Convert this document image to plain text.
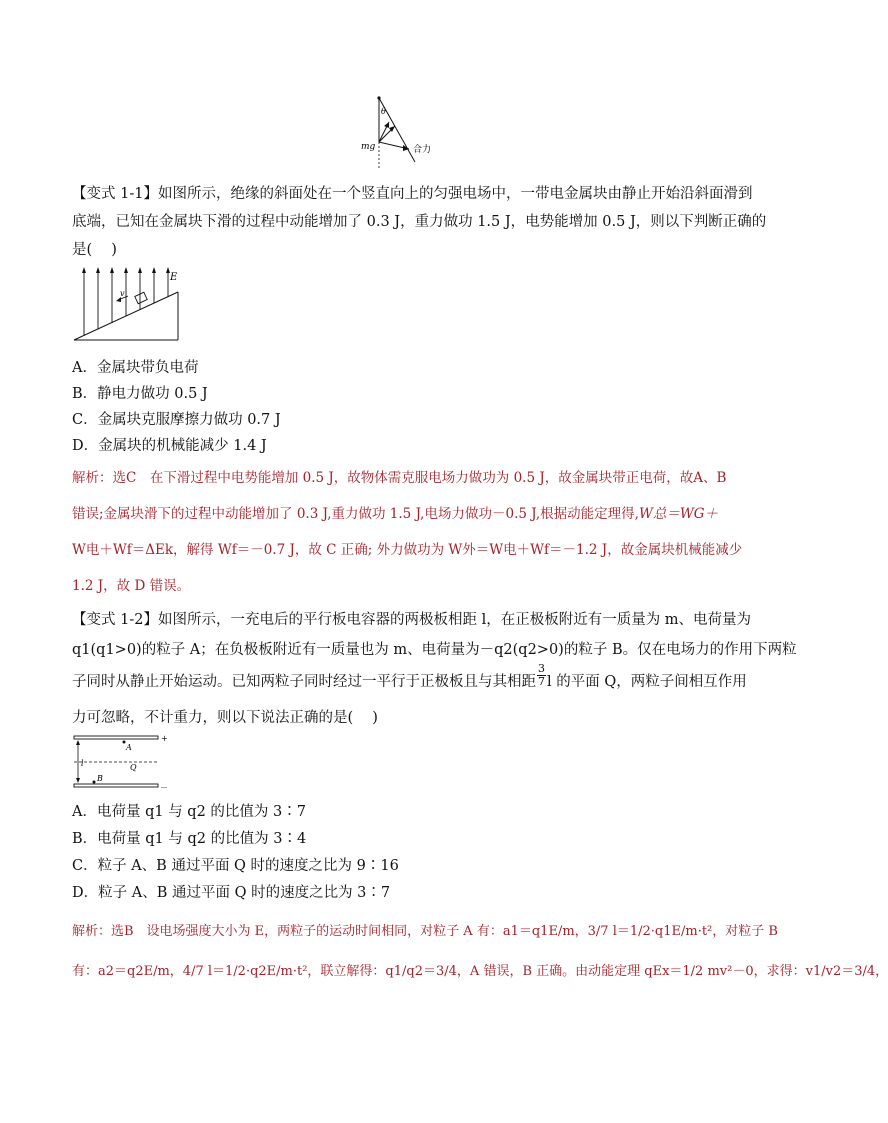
θ
mg	合力
【变式 1-1】如图所示，绝缘的斜面处在一个竖直向上的匀强电场中，一带电金属块由静止开始沿斜面滑到
底端，已知在金属块下滑的过程中动能增加了 0.3 J，重力做功 1.5 J，电势能增加 0.5 J，则以下判断正确的
是(　 )
v
E
A．金属块带负电荷
B．静电力做功 0.5 J
C．金属块克服摩擦力做功 0.7 J
D．金属块的机械能减少 1.4 J
解析：选C　在下滑过程中电势能增加 0.5 J，故物体需克服电场力做功为 0.5 J，故金属块带正电荷，故A、B
错误;金属块滑下的过程中动能增加了 0.3 J,重力做功 1.5 J,电场力做功－0.5 J,根据动能定理得,W总＝WG＋
W电＋Wf＝ΔEk，解得 Wf＝－0.7 J，故 C 正确; 外力做功为 W外＝W电＋Wf＝－1.2 J，故金属块机械能减少
1.2 J，故 D 错误。
【变式 1-2】如图所示，一充电后的平行板电容器的两极板相距 l，在正极板附近有一质量为 m、电荷量为
q1(q1>0)的粒子 A；在负极板附近有一质量也为 m、电荷量为－q2(q2>0)的粒子 B。仅在电场力的作用下两粒
子同时从静止开始运动。已知两粒子同时经过一平行于正极板且与其相距 $\frac{3}{7}$ l 的平面 Q，两粒子间相互作用
力可忽略，不计重力，则以下说法正确的是(　 )
+
－
A
B
Q
l
A．电荷量 q1 与 q2 的比值为 3∶7
B．电荷量 q1 与 q2 的比值为 3∶4
C．粒子 A、B 通过平面 Q 时的速度之比为 9∶16
D．粒子 A、B 通过平面 Q 时的速度之比为 3∶7
解析：选B　设电场强度大小为 E，两粒子的运动时间相同，对粒子 A 有：a1＝q1E/m，3/7 l＝1/2·q1E/m·t²，对粒子 B
有：a2＝q2E/m，4/7 l＝1/2·q2E/m·t²，联立解得：q1/q2＝3/4，A 错误，B 正确。由动能定理 qEx＝1/2 mv²－0，求得：v1/v2＝3/4，
